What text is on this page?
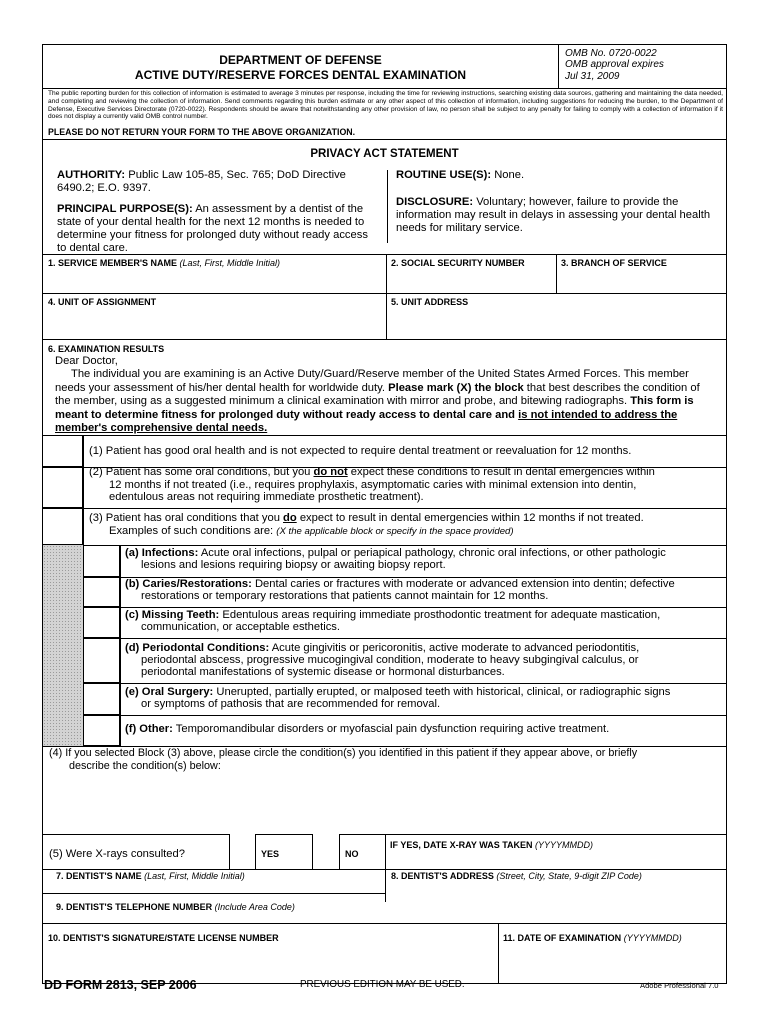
DEPARTMENT OF DEFENSE
ACTIVE DUTY/RESERVE FORCES DENTAL EXAMINATION
OMB No. 0720-0022
OMB approval expires
Jul 31, 2009
The public reporting burden for this collection of information is estimated to average 3 minutes per response, including the time for reviewing instructions, searching existing data sources, gathering and maintaining the data needed, and completing and reviewing the collection of information. Send comments regarding this burden estimate or any other aspect of this collection of information, including suggestions for reducing the burden, to the Department of Defense, Executive Services Directorate (0720-0022). Respondents should be aware that notwithstanding any other provision of law, no person shall be subject to any penalty for failing to comply with a collection of information if it does not display a currently valid OMB control number.
PLEASE DO NOT RETURN YOUR FORM TO THE ABOVE ORGANIZATION.
PRIVACY ACT STATEMENT
AUTHORITY: Public Law 105-85, Sec. 765; DoD Directive 6490.2; E.O. 9397.
PRINCIPAL PURPOSE(S): An assessment by a dentist of the state of your dental health for the next 12 months is needed to determine your fitness for prolonged duty without ready access to dental care.
ROUTINE USE(S): None.
DISCLOSURE: Voluntary; however, failure to provide the information may result in delays in assessing your dental health needs for military service.
1. SERVICE MEMBER'S NAME (Last, First, Middle Initial)	2. SOCIAL SECURITY NUMBER	3. BRANCH OF SERVICE
4. UNIT OF ASSIGNMENT	5. UNIT ADDRESS
6. EXAMINATION RESULTS
Dear Doctor,
The individual you are examining is an Active Duty/Guard/Reserve member of the United States Armed Forces. This member
needs your assessment of his/her dental health for worldwide duty. Please mark (X) the block that best describes the condition of
the member, using as a suggested minimum a clinical examination with mirror and probe, and bitewing radiographs. This form is
meant to determine fitness for prolonged duty without ready access to dental care and is not intended to address the
member's comprehensive dental needs.
(1) Patient has good oral health and is not expected to require dental treatment or reevaluation for 12 months.
(2) Patient has some oral conditions, but you do not expect these conditions to result in dental emergencies within
12 months if not treated (i.e., requires prophylaxis, asymptomatic caries with minimal extension into dentin,
edentulous areas not requiring immediate prosthetic treatment).
(3) Patient has oral conditions that you do expect to result in dental emergencies within 12 months if not treated.
Examples of such conditions are: (X the applicable block or specify in the space provided)
(a) Infections: Acute oral infections, pulpal or periapical pathology, chronic oral infections, or other pathologic
lesions and lesions requiring biopsy or awaiting biopsy report.
(b) Caries/Restorations: Dental caries or fractures with moderate or advanced extension into dentin; defective
restorations or temporary restorations that patients cannot maintain for 12 months.
(c) Missing Teeth: Edentulous areas requiring immediate prosthodontic treatment for adequate mastication,
communication, or acceptable esthetics.
(d) Periodontal Conditions: Acute gingivitis or pericoronitis, active moderate to advanced periodontitis,
periodontal abscess, progressive mucogingival condition, moderate to heavy subgingival calculus, or
periodontal manifestations of systemic disease or hormonal disturbances.
(e) Oral Surgery: Unerupted, partially erupted, or malposed teeth with historical, clinical, or radiographic signs
or symptoms of pathosis that are recommended for removal.
(f) Other: Temporomandibular disorders or myofascial pain dysfunction requiring active treatment.
(4) If you selected Block (3) above, please circle the condition(s) you identified in this patient if they appear above, or briefly
describe the condition(s) below:
(5) Were X-rays consulted?	YES	NO
IF YES, DATE X-RAY WAS TAKEN (YYYYMMDD)
7. DENTIST'S NAME (Last, First, Middle Initial)	8. DENTIST'S ADDRESS (Street, City, State, 9-digit ZIP Code)
9. DENTIST'S TELEPHONE NUMBER (Include Area Code)
10. DENTIST'S SIGNATURE/STATE LICENSE NUMBER	11. DATE OF EXAMINATION (YYYYMMDD)
DD FORM 2813, SEP 2006	PREVIOUS EDITION MAY BE USED.	Adobe Professional 7.0
